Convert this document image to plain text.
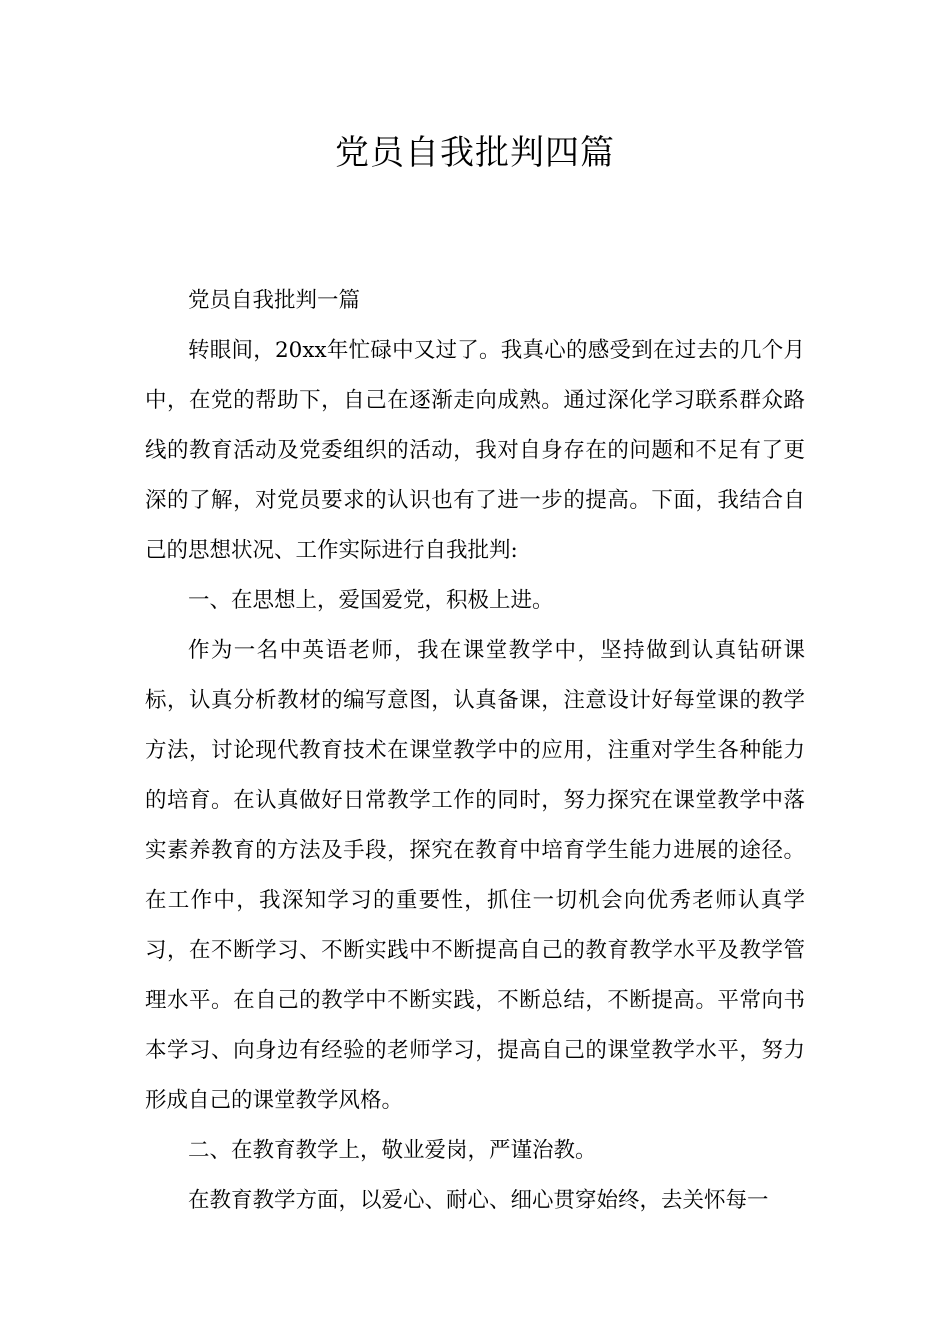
党员自我批判四篇

党员自我批判一篇

转眼间，20xx年忙碌中又过了。我真心的感受到在过去的几个月中，在党的帮助下，自己在逐渐走向成熟。通过深化学习联系群众路线的教育活动及党委组织的活动，我对自身存在的问题和不足有了更深的了解，对党员要求的认识也有了进一步的提高。下面，我结合自己的思想状况、工作实际进行自我批判:

一、在思想上，爱国爱党，积极上进。

作为一名中英语老师，我在课堂教学中，坚持做到认真钻研课标，认真分析教材的编写意图，认真备课，注意设计好每堂课的教学方法，讨论现代教育技术在课堂教学中的应用，注重对学生各种能力的培育。在认真做好日常教学工作的同时，努力探究在课堂教学中落实素养教育的方法及手段，探究在教育中培育学生能力进展的途径。在工作中，我深知学习的重要性，抓住一切机会向优秀老师认真学习，在不断学习、不断实践中不断提高自己的教育教学水平及教学管理水平。在自己的教学中不断实践，不断总结，不断提高。平常向书本学习、向身边有经验的老师学习，提高自己的课堂教学水平，努力形成自己的课堂教学风格。

二、在教育教学上，敬业爱岗，严谨治教。

在教育教学方面，以爱心、耐心、细心贯穿始终，去关怀每一
